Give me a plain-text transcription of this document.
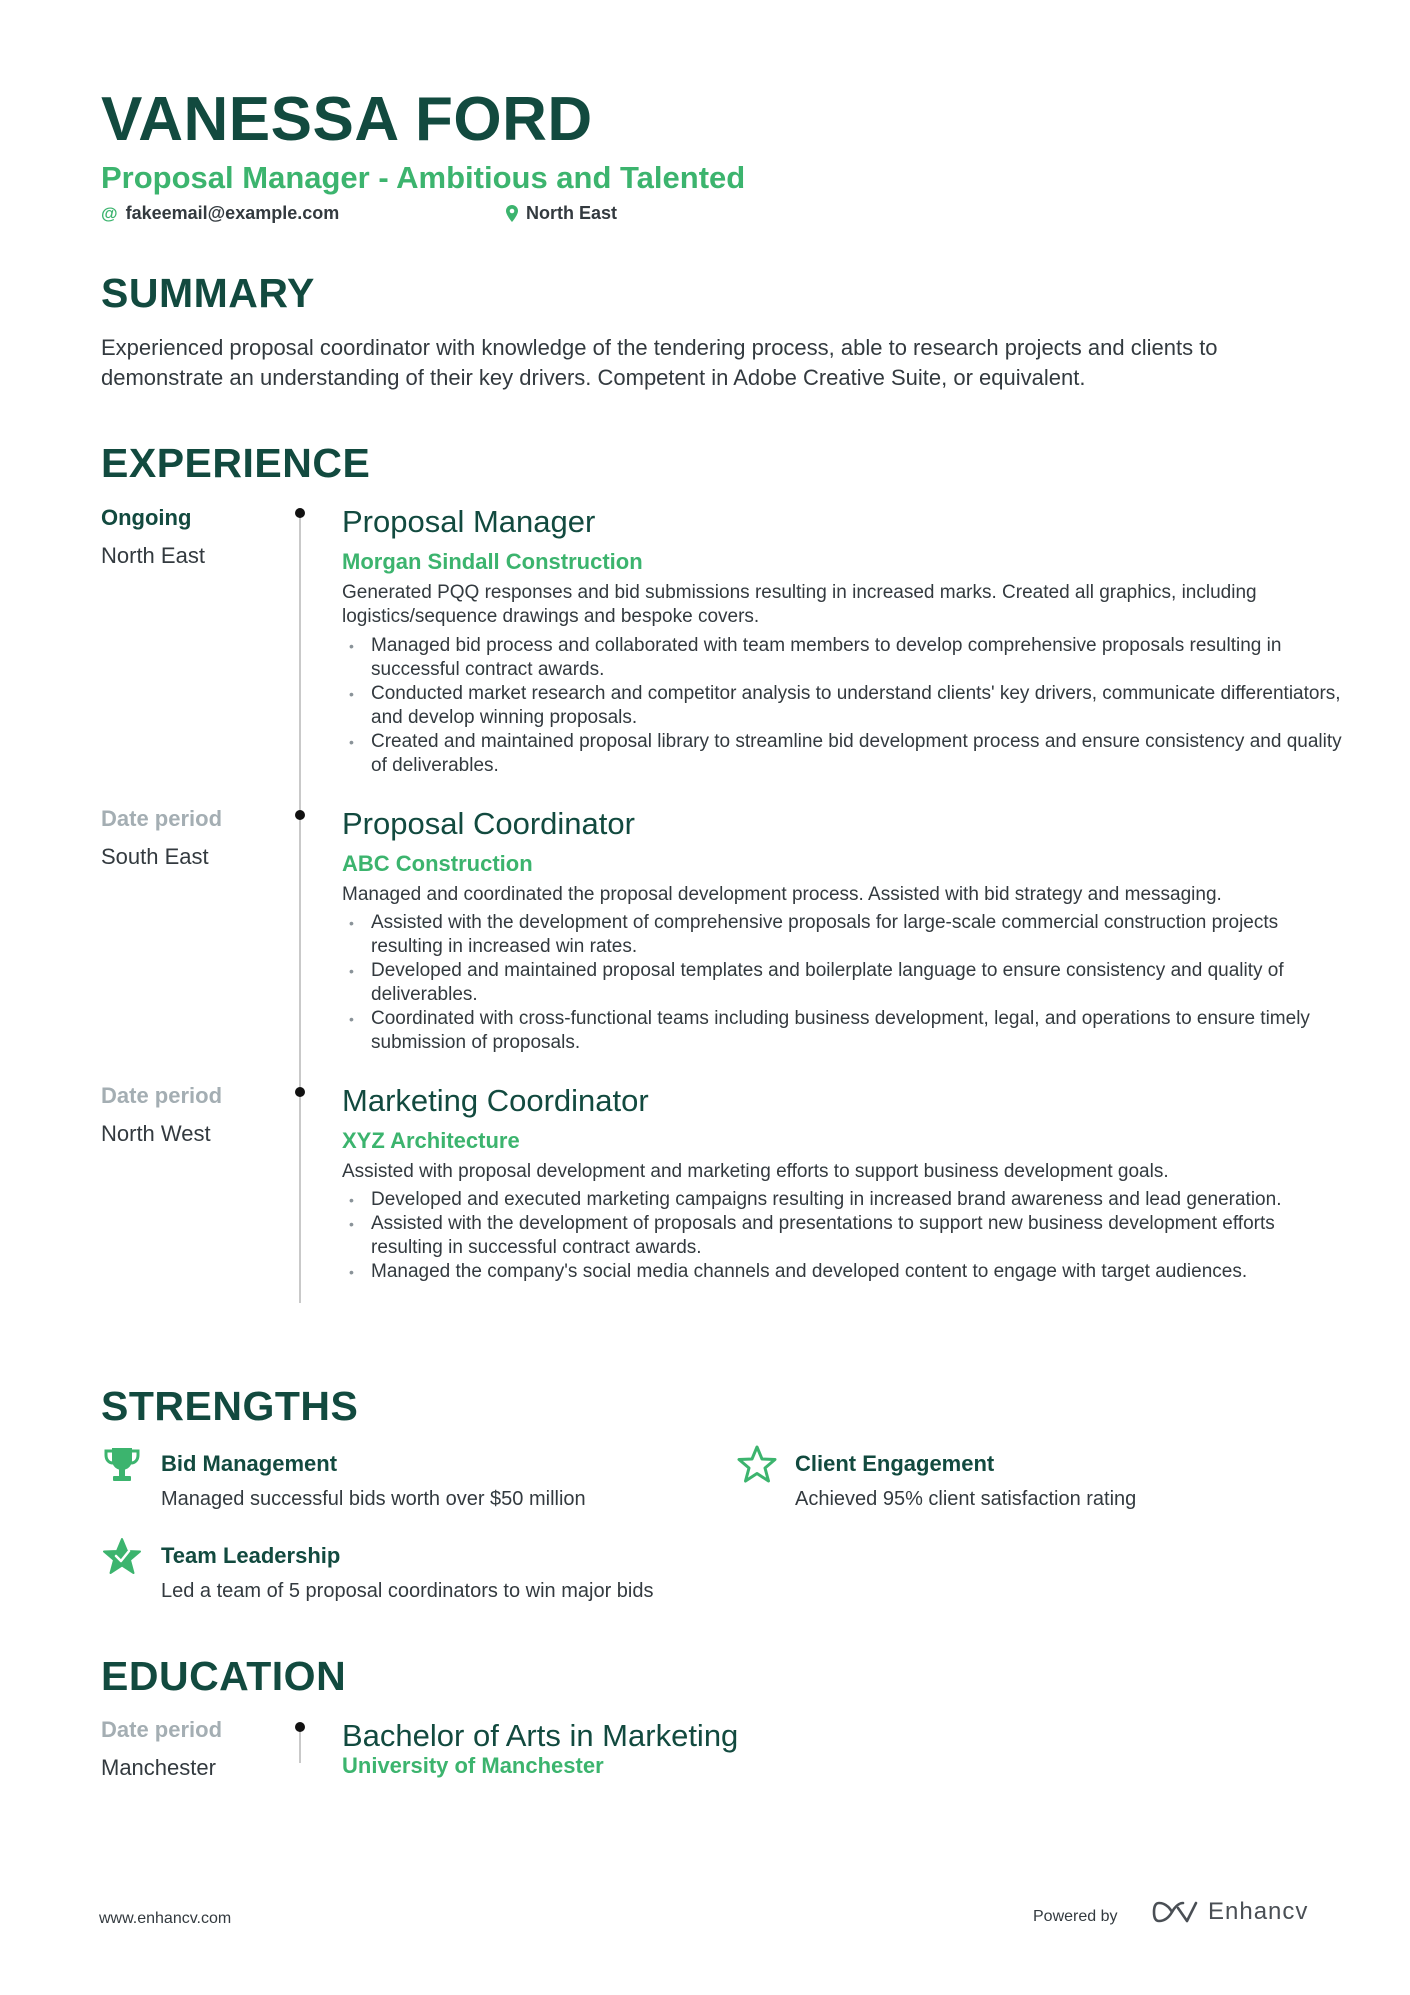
VANESSA FORD
Proposal Manager - Ambitious and Talented
@ fakeemail@example.com	North East
SUMMARY
Experienced proposal coordinator with knowledge of the tendering process, able to research projects and clients to demonstrate an understanding of their key drivers. Competent in Adobe Creative Suite, or equivalent.
EXPERIENCE
Ongoing
North East
Proposal Manager
Morgan Sindall Construction
Generated PQQ responses and bid submissions resulting in increased marks. Created all graphics, including logistics/sequence drawings and bespoke covers.
• Managed bid process and collaborated with team members to develop comprehensive proposals resulting in successful contract awards.
• Conducted market research and competitor analysis to understand clients' key drivers, communicate differentiators, and develop winning proposals.
• Created and maintained proposal library to streamline bid development process and ensure consistency and quality of deliverables.
Date period
South East
Proposal Coordinator
ABC Construction
Managed and coordinated the proposal development process. Assisted with bid strategy and messaging.
• Assisted with the development of comprehensive proposals for large-scale commercial construction projects resulting in increased win rates.
• Developed and maintained proposal templates and boilerplate language to ensure consistency and quality of deliverables.
• Coordinated with cross-functional teams including business development, legal, and operations to ensure timely submission of proposals.
Date period
North West
Marketing Coordinator
XYZ Architecture
Assisted with proposal development and marketing efforts to support business development goals.
• Developed and executed marketing campaigns resulting in increased brand awareness and lead generation.
• Assisted with the development of proposals and presentations to support new business development efforts resulting in successful contract awards.
• Managed the company's social media channels and developed content to engage with target audiences.
STRENGTHS
Bid Management
Managed successful bids worth over $50 million
Client Engagement
Achieved 95% client satisfaction rating
Team Leadership
Led a team of 5 proposal coordinators to win major bids
EDUCATION
Date period
Manchester
Bachelor of Arts in Marketing
University of Manchester
www.enhancv.com	Powered by	Enhancv
